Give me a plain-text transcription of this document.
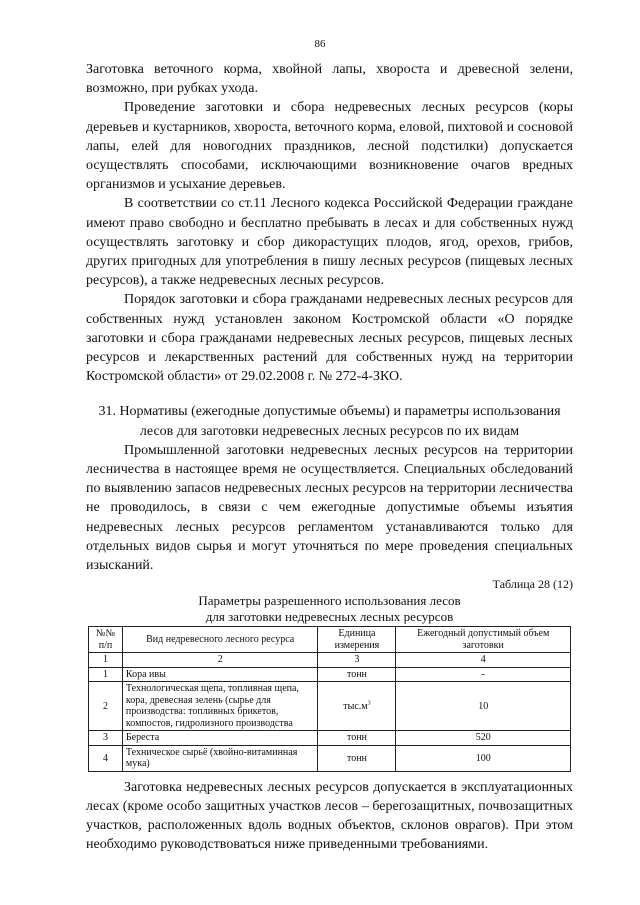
86

Заготовка веточного корма, хвойной лапы, хвороста и древесной зелени, возможно, при рубках ухода.

Проведение заготовки и сбора недревесных лесных ресурсов (коры деревьев и кустарников, хвороста, веточного корма, еловой, пихтовой и сосновой лапы, елей для новогодних праздников, лесной подстилки) допускается осуществлять способами, исключающими возникновение очагов вредных организмов и усыхание деревьев.

В соответствии со ст.11 Лесного кодекса Российской Федерации граждане имеют право свободно и бесплатно пребывать в лесах и для собственных нужд осуществлять заготовку и сбор дикорастущих плодов, ягод, орехов, грибов, других пригодных для употребления в пишу лесных ресурсов (пищевых лесных ресурсов), а также недревесных лесных ресурсов.

Порядок заготовки и сбора гражданами недревесных лесных ресурсов для собственных нужд установлен законом Костромской области «О порядке заготовки и сбора гражданами недревесных лесных ресурсов, пищевых лесных ресурсов и лекарственных растений для собственных нужд на территории Костромской области» от 29.02.2008 г. № 272-4-ЗКО.

31. Нормативы (ежегодные допустимые объемы) и параметры использования лесов для заготовки недревесных лесных ресурсов по их видам

Промышленной заготовки недревесных лесных ресурсов на территории лесничества в настоящее время не осуществляется. Специальных обследований по выявлению запасов недревесных лесных ресурсов на территории лесничества не проводилось, в связи с чем ежегодные допустимые объемы изъятия недревесных лесных ресурсов регламентом устанавливаются только для отдельных видов сырья и могут уточняться по мере проведения специальных изысканий.

Таблица 28 (12)
Параметры разрешенного использования лесов
для заготовки недревесных лесных ресурсов
№№ п/п	Вид недревесного лесного ресурса	Единица измерения	Ежегодный допустимый объем заготовки
1	2	3	4
1	Кора ивы	тонн	-
2	Технологическая щепа, топливная щепа, кора, древесная зелень (сырье для производства: топливных брикетов, компостов, гидролизного производства	$тыс.м^3$	10
3	Береста	тонн	520
4	Техническое сырьё (хвойно-витаминная мука)	тонн	100

Заготовка недревесных лесных ресурсов допускается в эксплуатационных лесах (кроме особо защитных участков лесов – берегозащитных, почвозащитных участков, расположенных вдоль водных объектов, склонов оврагов). При этом необходимо руководствоваться ниже приведенными требованиями.
